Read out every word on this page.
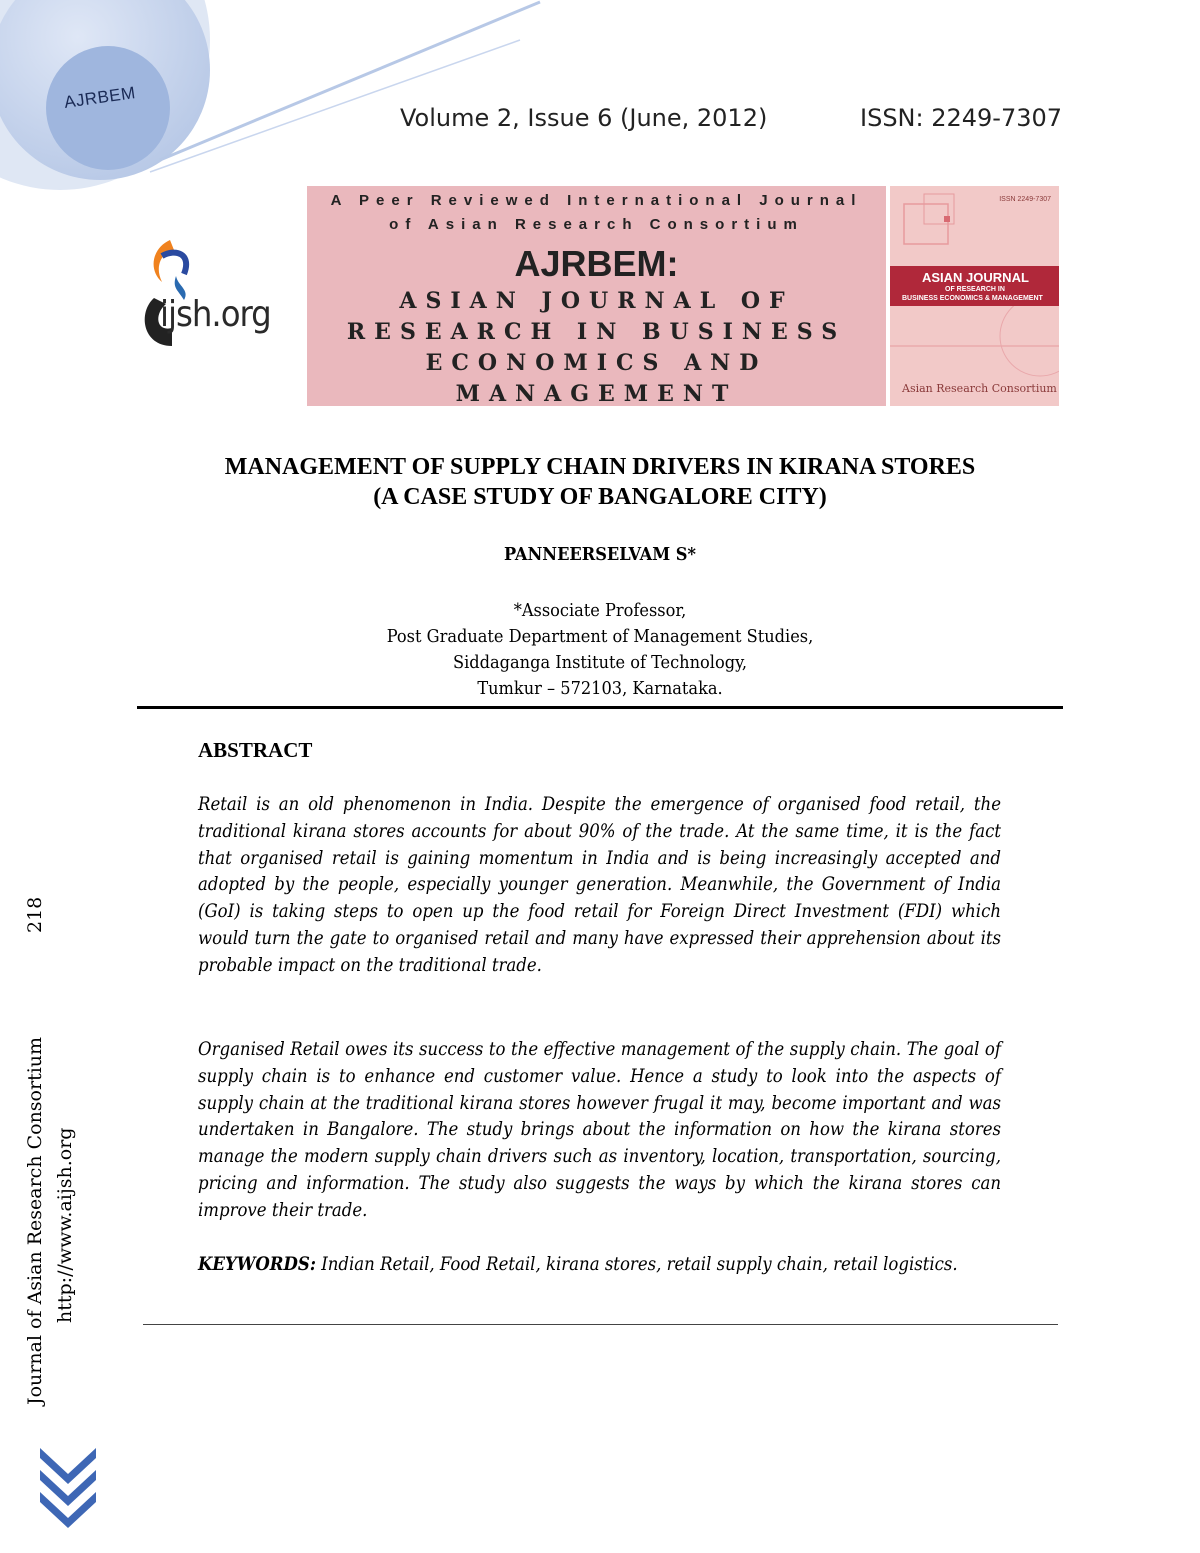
AJRBEM
Volume 2, Issue 6 (June, 2012)	ISSN: 2249-7307
ijsh.org
A Peer Reviewed International Journal
of Asian Research Consortium
AJRBEM:
ASIAN JOURNAL OF RESEARCH IN BUSINESS ECONOMICS AND MANAGEMENT
ISSN 2249-7307
ASIAN JOURNAL
OF RESEARCH IN
BUSINESS ECONOMICS & MANAGEMENT
Asian Research Consortium
Journal of Asian Research Consortium http://www.aijsh.org
218
MANAGEMENT OF SUPPLY CHAIN DRIVERS IN KIRANA STORES
(A CASE STUDY OF BANGALORE CITY)
PANNEERSELVAM S*
*Associate Professor,
Post Graduate Department of Management Studies,
Siddaganga Institute of Technology,
Tumkur – 572103, Karnataka.
ABSTRACT
Retail is an old phenomenon in India. Despite the emergence of organised food retail, the traditional kirana stores accounts for about 90% of the trade. At the same time, it is the fact that organised retail is gaining momentum in India and is being increasingly accepted and adopted by the people, especially younger generation. Meanwhile, the Government of India (GoI) is taking steps to open up the food retail for Foreign Direct Investment (FDI) which would turn the gate to organised retail and many have expressed their apprehension about its probable impact on the traditional trade.
Organised Retail owes its success to the effective management of the supply chain. The goal of supply chain is to enhance end customer value. Hence a study to look into the aspects of supply chain at the traditional kirana stores however frugal it may, become important and was undertaken in Bangalore. The study brings about the information on how the kirana stores manage the modern supply chain drivers such as inventory, location, transportation, sourcing, pricing and information. The study also suggests the ways by which the kirana stores can improve their trade.
KEYWORDS: Indian Retail, Food Retail, kirana stores, retail supply chain, retail logistics.
